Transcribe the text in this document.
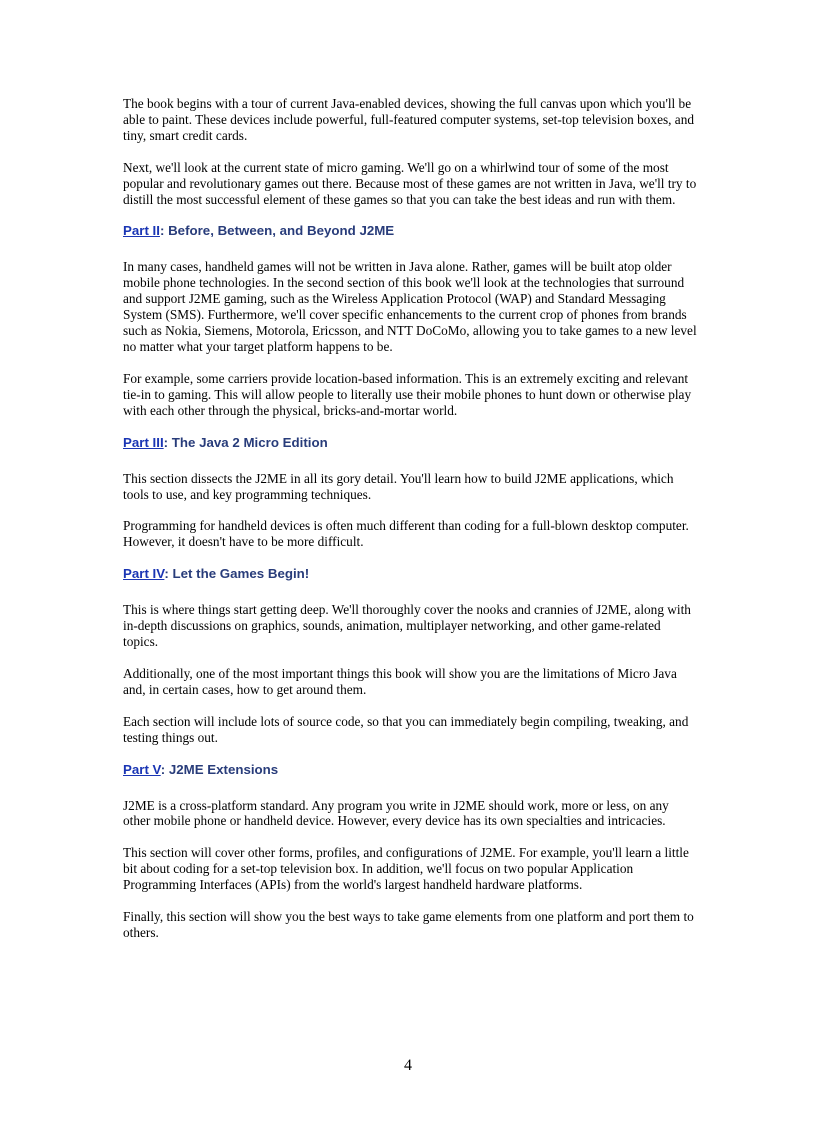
The book begins with a tour of current Java-enabled devices, showing the full canvas upon which you'll be able to paint. These devices include powerful, full-featured computer systems, set-top television boxes, and tiny, smart credit cards.

Next, we'll look at the current state of micro gaming. We'll go on a whirlwind tour of some of the most popular and revolutionary games out there. Because most of these games are not written in Java, we'll try to distill the most successful element of these games so that you can take the best ideas and run with them.

Part II: Before, Between, and Beyond J2ME

In many cases, handheld games will not be written in Java alone. Rather, games will be built atop older mobile phone technologies. In the second section of this book we'll look at the technologies that surround and support J2ME gaming, such as the Wireless Application Protocol (WAP) and Standard Messaging System (SMS). Furthermore, we'll cover specific enhancements to the current crop of phones from brands such as Nokia, Siemens, Motorola, Ericsson, and NTT DoCoMo, allowing you to take games to a new level no matter what your target platform happens to be.

For example, some carriers provide location-based information. This is an extremely exciting and relevant tie-in to gaming. This will allow people to literally use their mobile phones to hunt down or otherwise play with each other through the physical, bricks-and-mortar world.

Part III: The Java 2 Micro Edition

This section dissects the J2ME in all its gory detail. You'll learn how to build J2ME applications, which tools to use, and key programming techniques.

Programming for handheld devices is often much different than coding for a full-blown desktop computer. However, it doesn't have to be more difficult.

Part IV: Let the Games Begin!

This is where things start getting deep. We'll thoroughly cover the nooks and crannies of J2ME, along with in-depth discussions on graphics, sounds, animation, multiplayer networking, and other game-related topics.

Additionally, one of the most important things this book will show you are the limitations of Micro Java and, in certain cases, how to get around them.

Each section will include lots of source code, so that you can immediately begin compiling, tweaking, and testing things out.

Part V: J2ME Extensions

J2ME is a cross-platform standard. Any program you write in J2ME should work, more or less, on any other mobile phone or handheld device. However, every device has its own specialties and intricacies.

This section will cover other forms, profiles, and configurations of J2ME. For example, you'll learn a little bit about coding for a set-top television box. In addition, we'll focus on two popular Application Programming Interfaces (APIs) from the world's largest handheld hardware platforms.

Finally, this section will show you the best ways to take game elements from one platform and port them to others.

4
